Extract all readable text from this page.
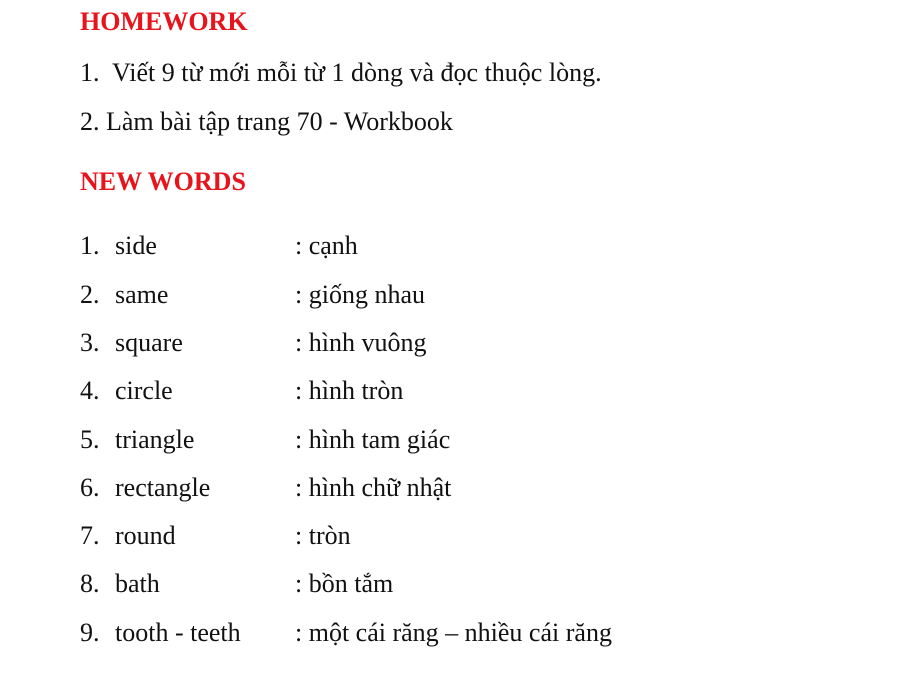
HOMEWORK
1. Viết 9 từ mới mỗi từ 1 dòng và đọc thuộc lòng.
2. Làm bài tập trang 70 - Workbook
NEW WORDS
1. side	: cạnh
2. same	: giống nhau
3. square	: hình vuông
4. circle	: hình tròn
5. triangle	: hình tam giác
6. rectangle	: hình chữ nhật
7. round	: tròn
8. bath	: bồn tắm
9. tooth - teeth : một cái răng – nhiều cái răng
